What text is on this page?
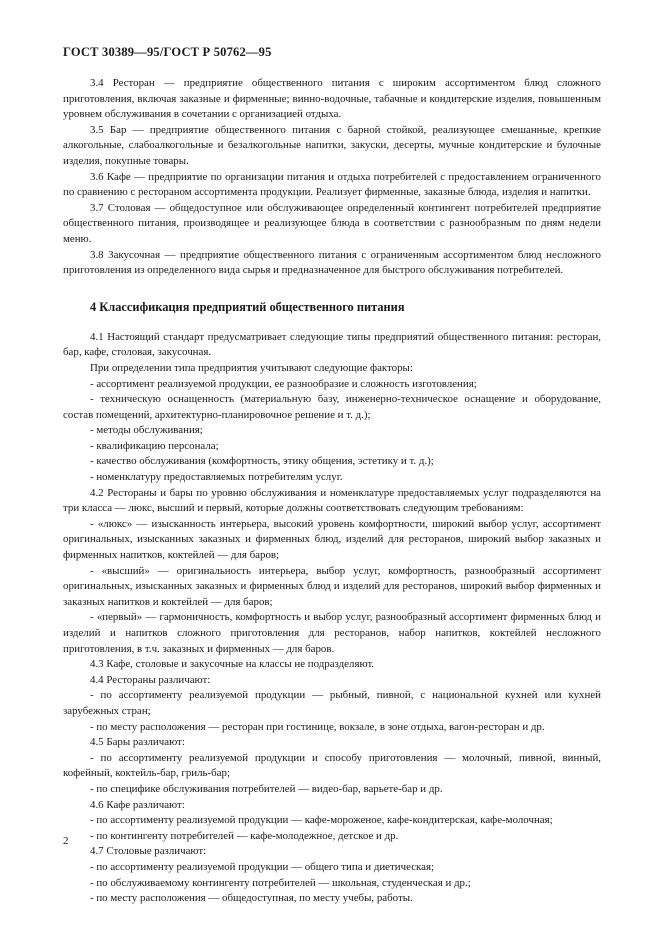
ГОСТ 30389—95/ГОСТ Р 50762—95

3.4 Ресторан — предприятие общественного питания с широким ассортиментом блюд сложного приготовления, включая заказные и фирменные; винно-водочные, табачные и кондитерские изделия, повышенным уровнем обслуживания в сочетании с организацией отдыха.

3.5 Бар — предприятие общественного питания с барной стойкой, реализующее смешанные, крепкие алкогольные, слабоалкогольные и безалкогольные напитки, закуски, десерты, мучные кондитерские и булочные изделия, покупные товары.

3.6 Кафе — предприятие по организации питания и отдыха потребителей с предоставлением ограниченного по сравнению с рестораном ассортимента продукции. Реализует фирменные, заказные блюда, изделия и напитки.

3.7 Столовая — общедоступное или обслуживающее определенный контингент потребителей предприятие общественного питания, производящее и реализующее блюда в соответствии с разнообразным по дням недели меню.

3.8 Закусочная — предприятие общественного питания с ограниченным ассортиментом блюд несложного приготовления из определенного вида сырья и предназначенное для быстрого обслуживания потребителей.

4 Классификация предприятий общественного питания

4.1 Настоящий стандарт предусматривает следующие типы предприятий общественного питания: ресторан, бар, кафе, столовая, закусочная.

При определении типа предприятия учитывают следующие факторы:

- ассортимент реализуемой продукции, ее разнообразие и сложность изготовления;

- техническую оснащенность (материальную базу, инженерно-техническое оснащение и оборудование, состав помещений, архитектурно-планировочное решение и т. д.);

- методы обслуживания;

- квалификацию персонала;

- качество обслуживания (комфортность, этику общения, эстетику и т. д.);

- номенклатуру предоставляемых потребителям услуг.

4.2 Рестораны и бары по уровню обслуживания и номенклатуре предоставляемых услуг подразделяются на три класса — люкс, высший и первый, которые должны соответствовать следующим требованиям:

- «люкс» — изысканность интерьера, высокий уровень комфортности, широкий выбор услуг, ассортимент оригинальных, изысканных заказных и фирменных блюд, изделий для ресторанов, широкий выбор заказных и фирменных напитков, коктейлей — для баров;

- «высший» — оригинальность интерьера, выбор услуг, комфортность, разнообразный ассортимент оригинальных, изысканных заказных и фирменных блюд и изделий для ресторанов, широкий выбор фирменных и заказных напитков и коктейлей — для баров;

- «первый» — гармоничность, комфортность и выбор услуг, разнообразный ассортимент фирменных блюд и изделий и напитков сложного приготовления для ресторанов, набор напитков, коктейлей несложного приготовления, в т.ч. заказных и фирменных — для баров.

4.3 Кафе, столовые и закусочные на классы не подразделяют.

4.4 Рестораны различают:

- по ассортименту реализуемой продукции — рыбный, пивной, с национальной кухней или кухней зарубежных стран;

- по месту расположения — ресторан при гостинице, вокзале, в зоне отдыха, вагон-ресторан и др.

4.5 Бары различают:

- по ассортименту реализуемой продукции и способу приготовления — молочный, пивной, винный, кофейный, коктейль-бар, гриль-бар;

- по специфике обслуживания потребителей — видео-бар, варьете-бар и др.

4.6 Кафе различают:

- по ассортименту реализуемой продукции — кафе-мороженое, кафе-кондитерская, кафе-молочная;

- по контингенту потребителей — кафе-молодежное, детское и др.

4.7 Столовые различают:

- по ассортименту реализуемой продукции — общего типа и диетическая;

- по обслуживаемому контингенту потребителей — школьная, студенческая и др.;

- по месту расположения — общедоступная, по месту учебы, работы.

2
